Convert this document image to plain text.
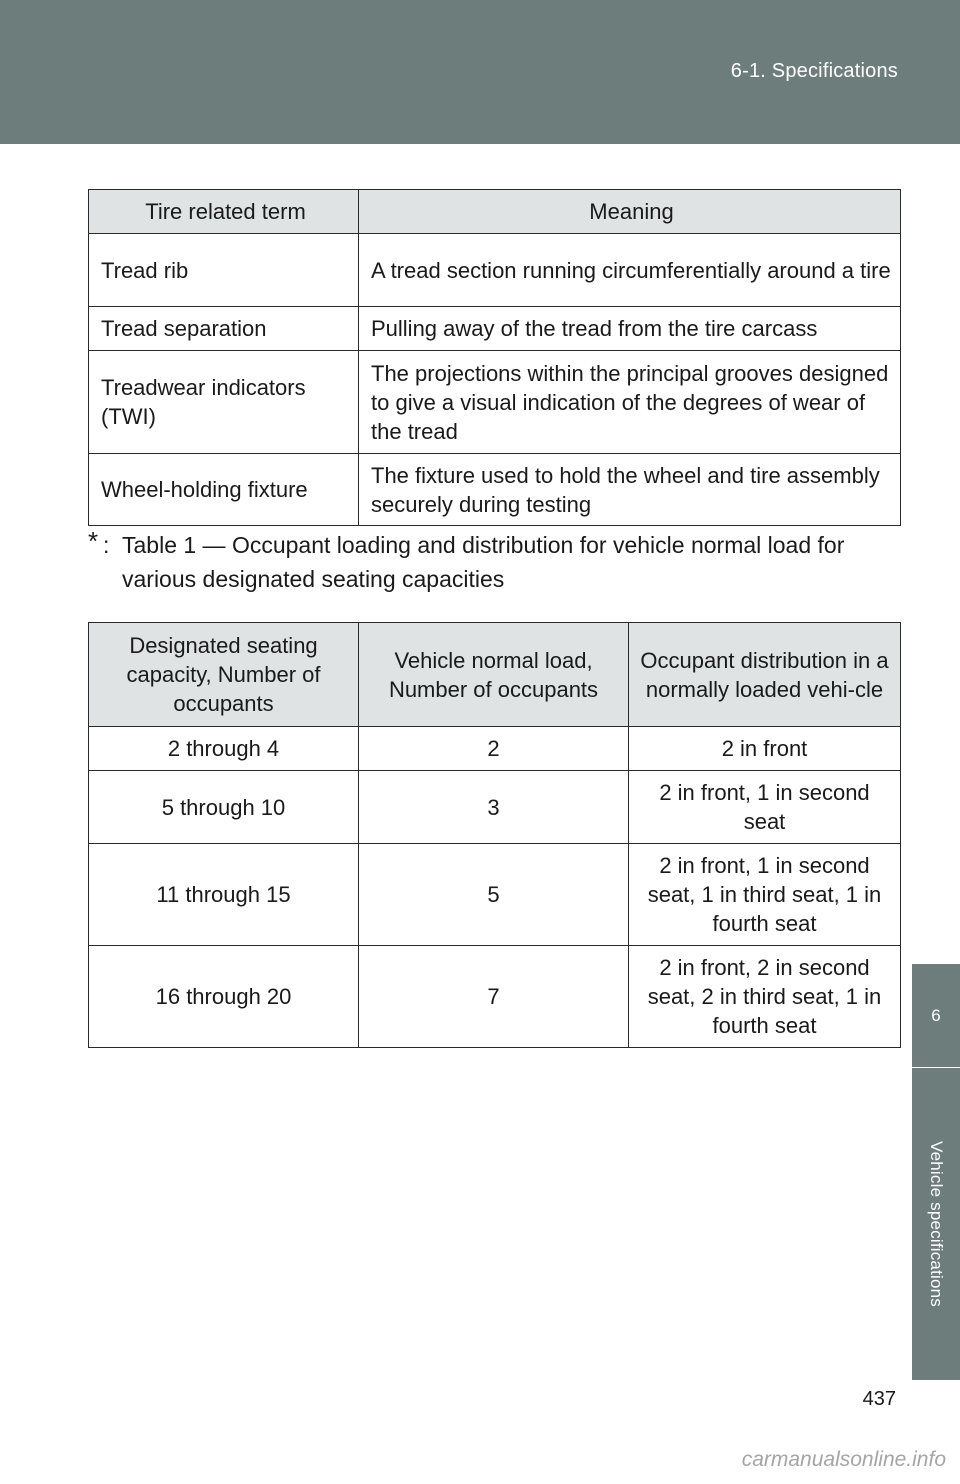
6-1. Specifications
6
Vehicle specifications
Tire related term	Meaning
Tread rib	A tread section running circumferentially around a tire
Tread separation	Pulling away of the tread from the tire carcass
Treadwear indicators (TWI)	The projections within the principal grooves designed to give a visual indication of the degrees of wear of the tread
Wheel-holding fixture	The fixture used to hold the wheel and tire assembly securely during testing
* : Table 1 — Occupant loading and distribution for vehicle normal load for various designated seating capacities
Designated seating capacity, Number of occupants	Vehicle normal load, Number of occupants	Occupant distribution in a normally loaded vehi-cle
2 through 4	2	2 in front
5 through 10	3	2 in front, 1 in second seat
11 through 15	5	2 in front, 1 in second seat, 1 in third seat, 1 in fourth seat
16 through 20	7	2 in front, 2 in second seat, 2 in third seat, 1 in fourth seat
437
carmanualsonline.info
